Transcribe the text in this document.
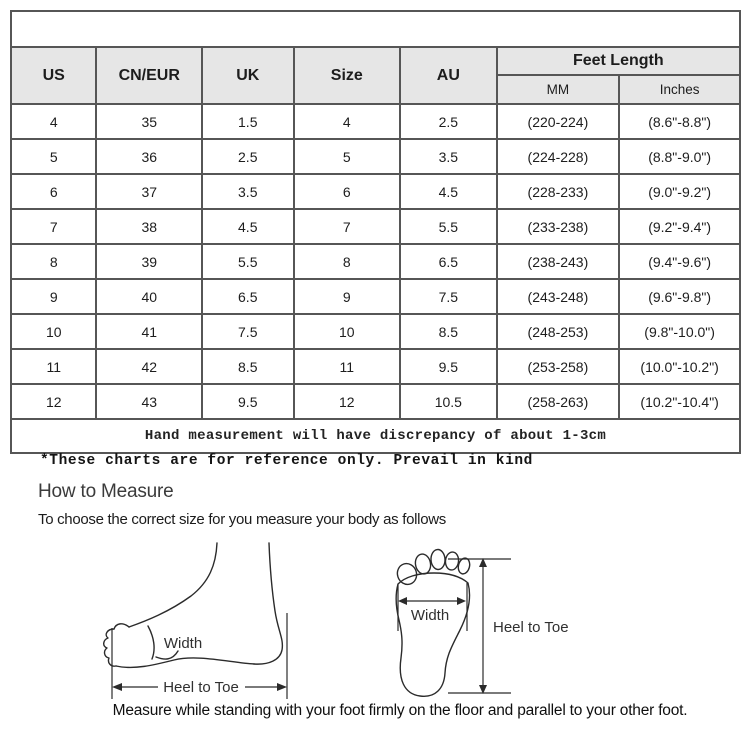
US	CN/EUR	UK	Size	AU	Feet Length	
					MM	Inches
4	35	1.5	4	2.5	(220-224)	(8.6"-8.8")
5	36	2.5	5	3.5	(224-228)	(8.8"-9.0")
6	37	3.5	6	4.5	(228-233)	(9.0"-9.2")
7	38	4.5	7	5.5	(233-238)	(9.2"-9.4")
8	39	5.5	8	6.5	(238-243)	(9.4"-9.6")
9	40	6.5	9	7.5	(243-248)	(9.6"-9.8")
10	41	7.5	10	8.5	(248-253)	(9.8"-10.0")
11	42	8.5	11	9.5	(253-258)	(10.0"-10.2")
12	43	9.5	12	10.5	(258-263)	(10.2"-10.4")
Hand measurement will have discrepancy of about 1-3cm						
*These charts are for reference only. Prevail in kind
How to Measure
To choose the correct size for you measure your body as follows
Width
Heel to Toe
Width
Heel to Toe
Measure while standing with your foot firmly on the floor and parallel to your other foot.
